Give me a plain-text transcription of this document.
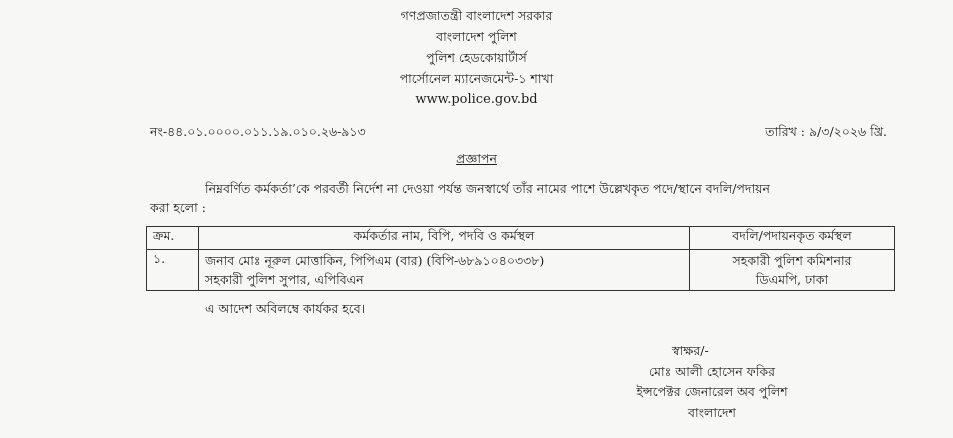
গণপ্রজাতন্ত্রী বাংলাদেশ সরকার
বাংলাদেশ পুলিশ
পুলিশ হেডকোয়ার্টার্স
পার্সোনেল ম্যানেজমেন্ট-১ শাখা
www.police.gov.bd
নং-৪৪.০১.০০০০.০১১.১৯.০১০.২৬-৯১৩	তারিখ : ৯/৩/২০২৬ খ্রি.
প্রজ্ঞাপন
নিম্নবর্ণিত কর্মকর্তা’কে পরবর্তী নির্দেশ না দেওয়া পর্যন্ত জনস্বার্থে তাঁর নামের পাশে উল্লেখকৃত পদে/স্থানে বদলি/পদায়ন
করা হলো :
ক্রম.	কর্মকর্তার নাম, বিপি, পদবি ও কর্মস্থল	বদলি/পদায়নকৃত কর্মস্থল
১.	জনাব মোঃ নূরুল মোত্তাকিন, পিপিএম (বার) (বিপি-৬৮৯১০৪০৩৩৮)
সহকারী পুলিশ সুপার, এপিবিএন	সহকারী পুলিশ কমিশনার
ডিএমপি, ঢাকা
এ আদেশ অবিলম্বে কার্যকর হবে।
স্বাক্ষর/-
মোঃ আলী হোসেন ফকির
ইন্সপেক্টর জেনারেল অব পুলিশ
বাংলাদেশ
